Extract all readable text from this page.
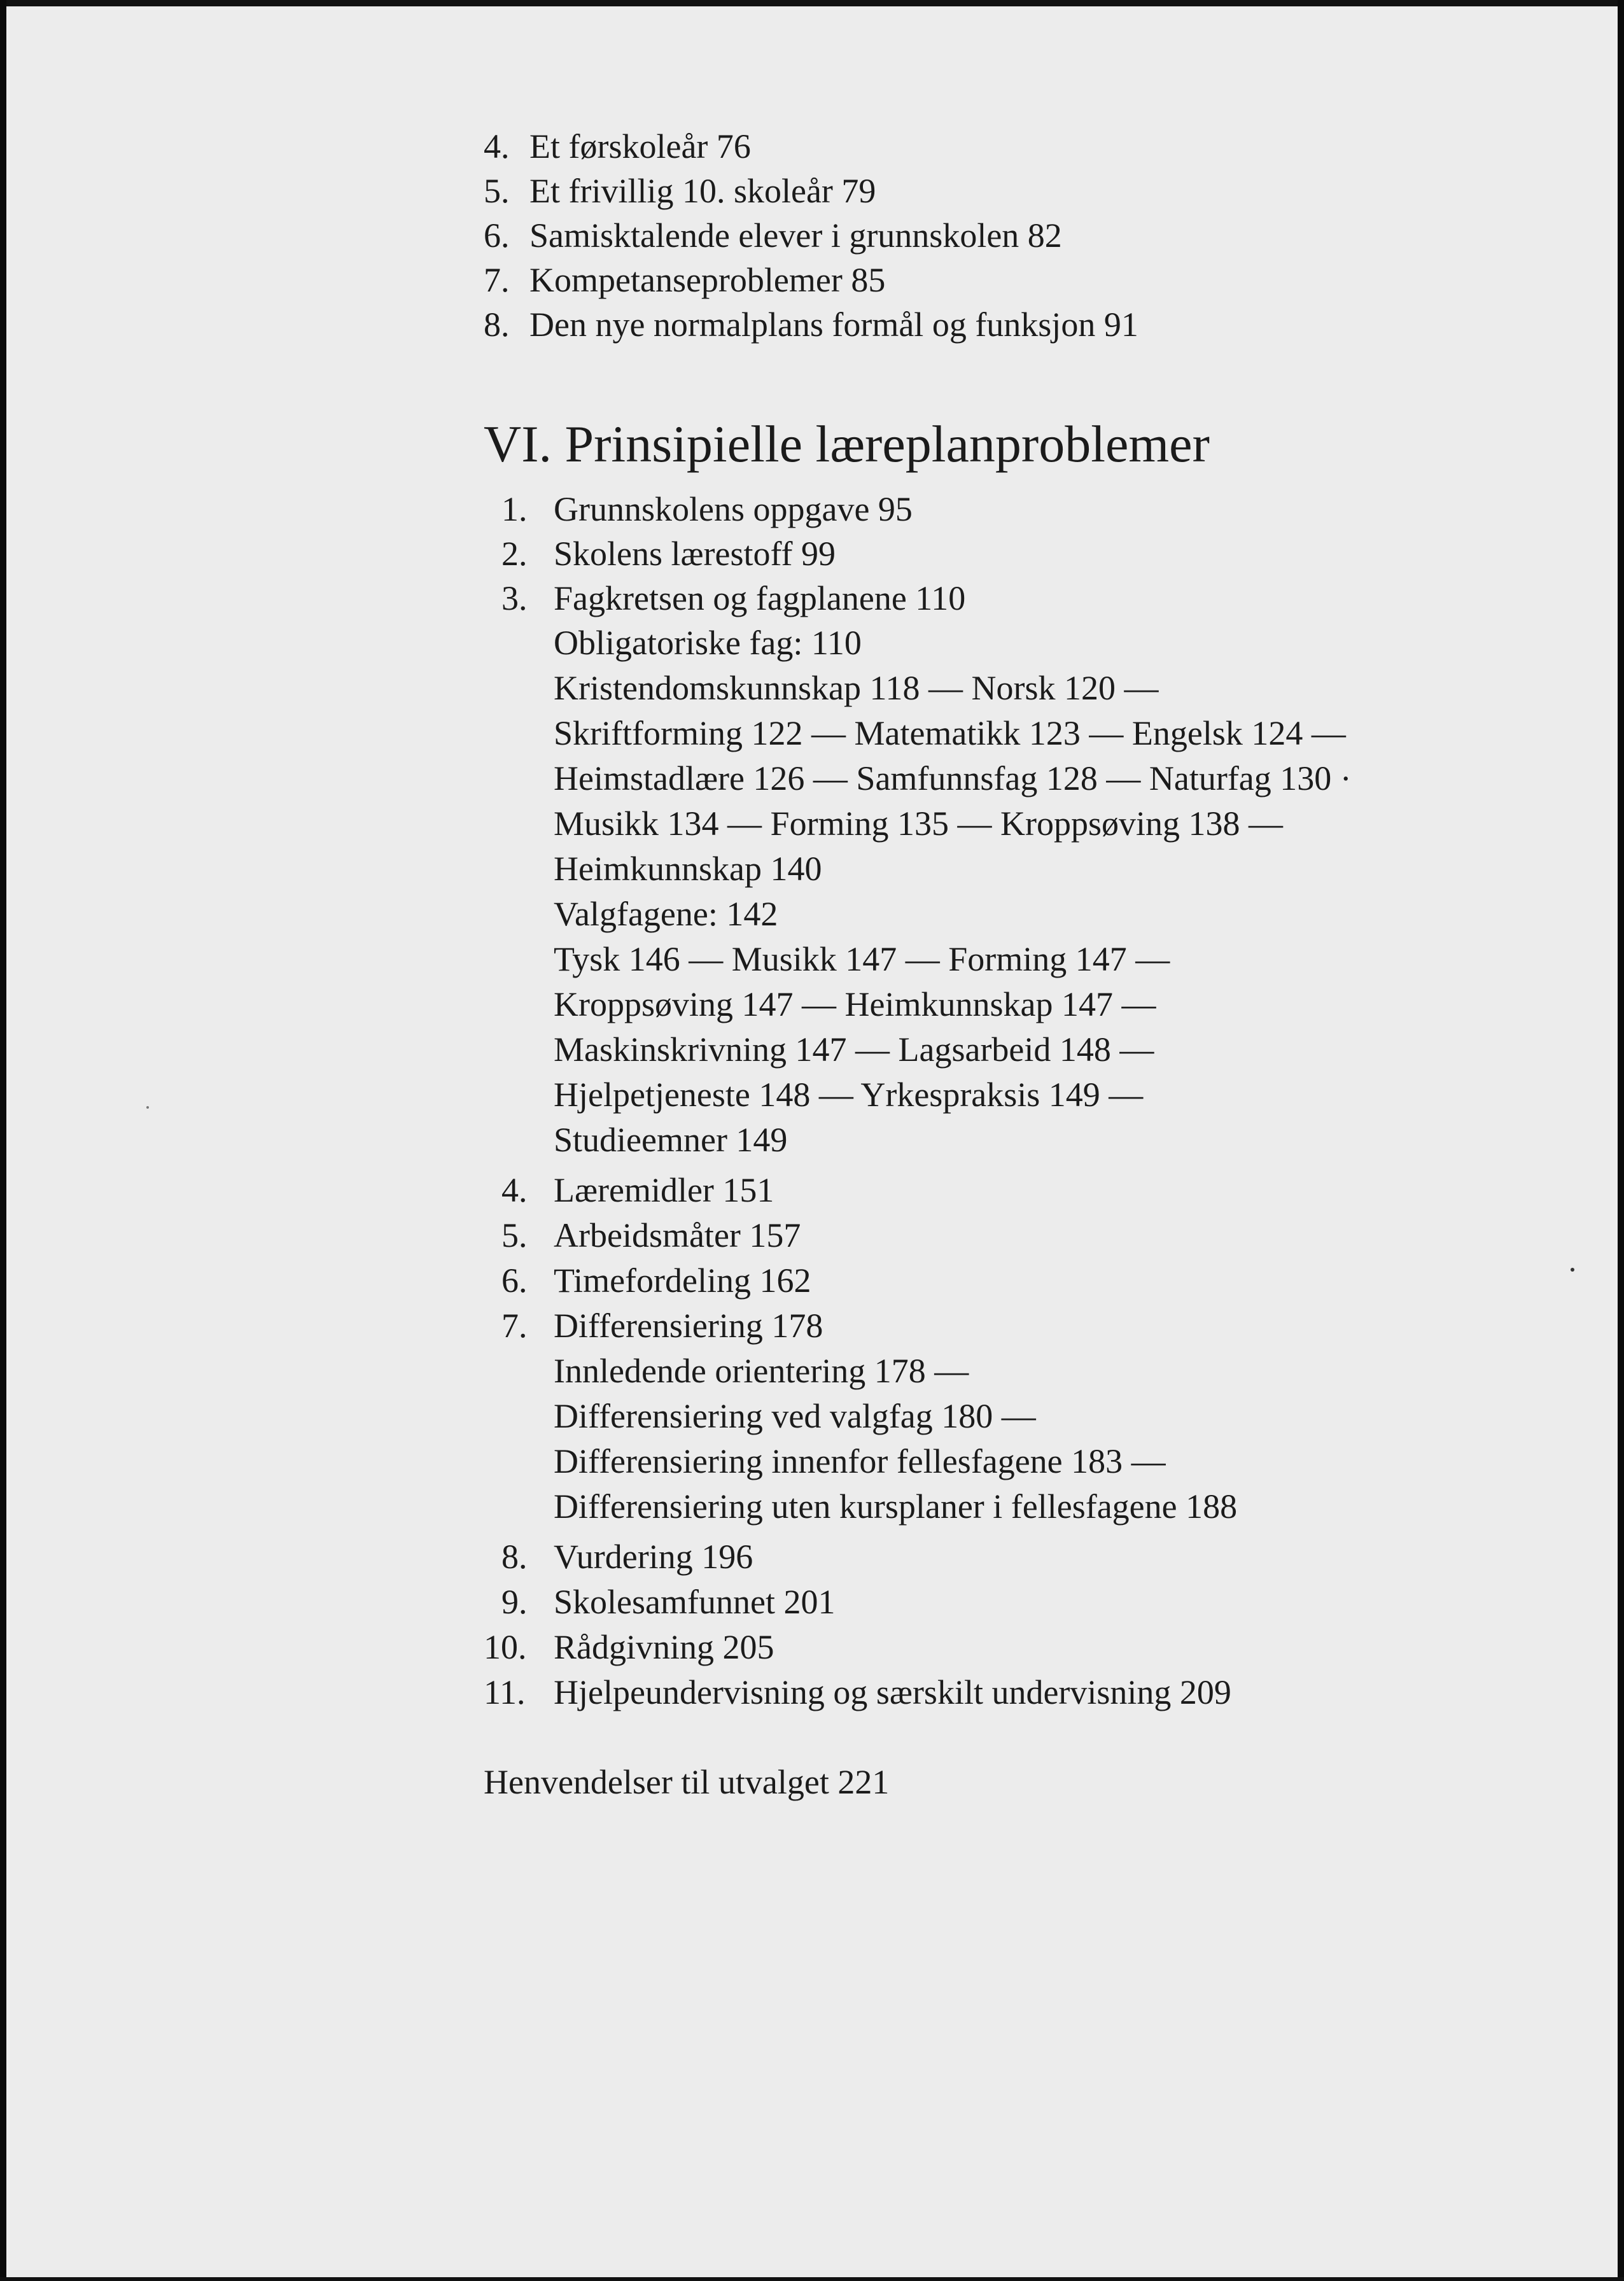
4. Et førskoleår 76
5. Et frivillig 10. skoleår 79
6. Samisktalende elever i grunnskolen 82
7. Kompetanseproblemer 85
8. Den nye normalplans formål og funksjon 91
VI. Prinsipielle læreplanproblemer
1. Grunnskolens oppgave 95
2. Skolens lærestoff 99
3. Fagkretsen og fagplanene 110
Obligatoriske fag: 110
Kristendomskunnskap 118 — Norsk 120 —
Skriftforming 122 — Matematikk 123 — Engelsk 124 —
Heimstadlære 126 — Samfunnsfag 128 — Naturfag 130 ·
Musikk 134 — Forming 135 — Kroppsøving 138 —
Heimkunnskap 140
Valgfagene: 142
Tysk 146 — Musikk 147 — Forming 147 —
Kroppsøving 147 — Heimkunnskap 147 —
Maskinskrivning 147 — Lagsarbeid 148 —
Hjelpetjeneste 148 — Yrkespraksis 149 —
Studieemner 149
4. Læremidler 151
5. Arbeidsmåter 157
6. Timefordeling 162
7. Differensiering 178
Innledende orientering 178 —
Differensiering ved valgfag 180 —
Differensiering innenfor fellesfagene 183 —
Differensiering uten kursplaner i fellesfagene 188
8. Vurdering 196
9. Skolesamfunnet 201
10. Rådgivning 205
11. Hjelpeundervisning og særskilt undervisning 209
Henvendelser til utvalget 221
